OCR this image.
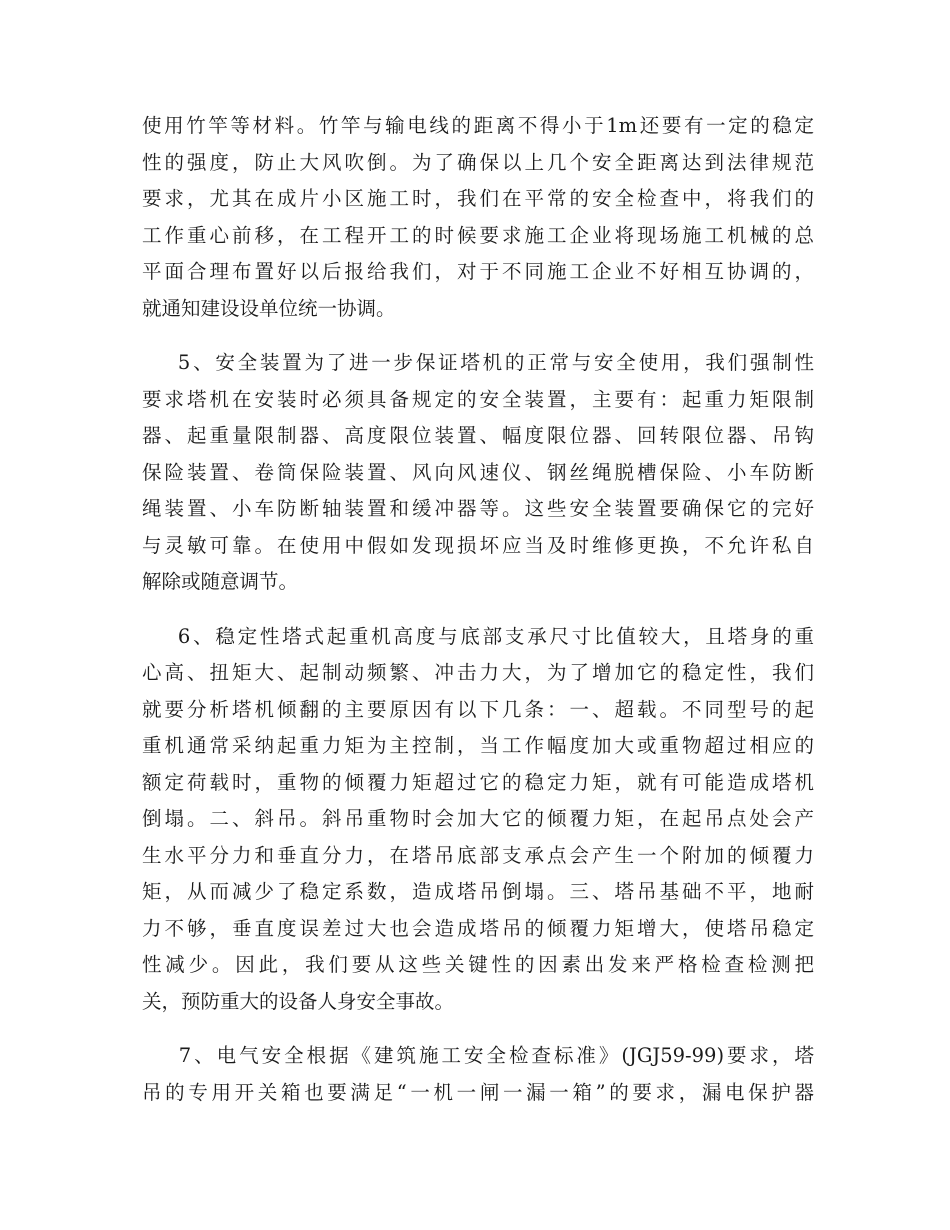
使用竹竿等材料。竹竿与输电线的距离不得小于1m还要有一定的稳定
性的强度，防止大风吹倒。为了确保以上几个安全距离达到法律规范
要求，尤其在成片小区施工时，我们在平常的安全检查中，将我们的
工作重心前移，在工程开工的时候要求施工企业将现场施工机械的总
平面合理布置好以后报给我们，对于不同施工企业不好相互协调的，
就通知建设设单位统一协调。
5、安全装置为了进一步保证塔机的正常与安全使用，我们强制性
要求塔机在安装时必须具备规定的安全装置，主要有：起重力矩限制
器、起重量限制器、高度限位装置、幅度限位器、回转限位器、吊钩
保险装置、卷筒保险装置、风向风速仪、钢丝绳脱槽保险、小车防断
绳装置、小车防断轴装置和缓冲器等。这些安全装置要确保它的完好
与灵敏可靠。在使用中假如发现损坏应当及时维修更换，不允许私自
解除或随意调节。
6、稳定性塔式起重机高度与底部支承尺寸比值较大，且塔身的重
心高、扭矩大、起制动频繁、冲击力大，为了增加它的稳定性，我们
就要分析塔机倾翻的主要原因有以下几条：一、超载。不同型号的起
重机通常采纳起重力矩为主控制，当工作幅度加大或重物超过相应的
额定荷载时，重物的倾覆力矩超过它的稳定力矩，就有可能造成塔机
倒塌。二、斜吊。斜吊重物时会加大它的倾覆力矩，在起吊点处会产
生水平分力和垂直分力，在塔吊底部支承点会产生一个附加的倾覆力
矩，从而减少了稳定系数，造成塔吊倒塌。三、塔吊基础不平，地耐
力不够，垂直度误差过大也会造成塔吊的倾覆力矩增大，使塔吊稳定
性减少。因此，我们要从这些关键性的因素出发来严格检查检测把
关，预防重大的设备人身安全事故。
7、电气安全根据《建筑施工安全检查标准》(JGJ59-99)要求，塔
吊的专用开关箱也要满足“一机一闸一漏一箱”的要求，漏电保护器
